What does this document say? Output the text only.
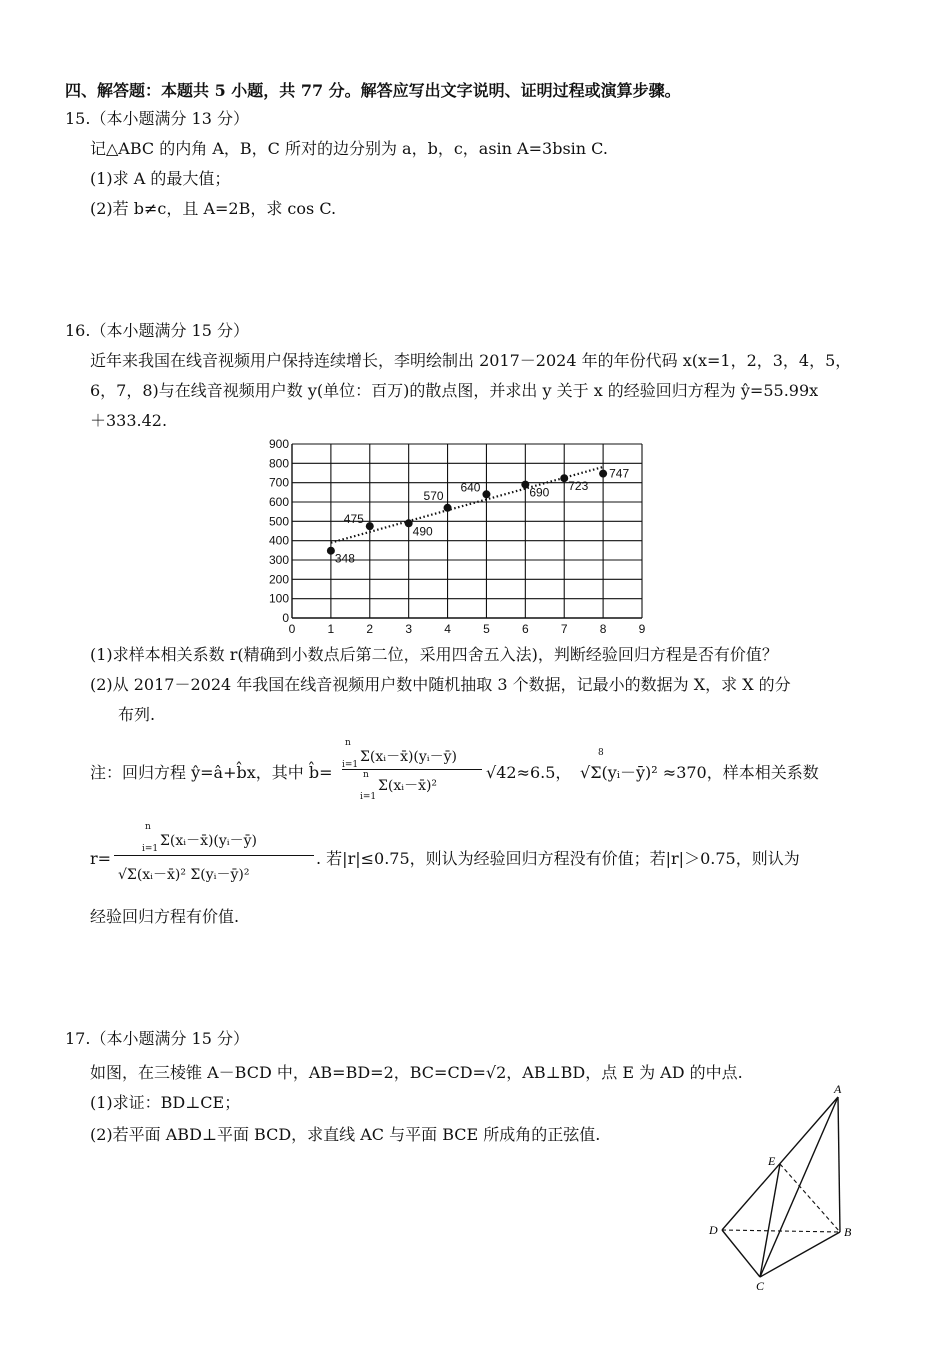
四、解答题：本题共 5 小题，共 77 分。解答应写出文字说明、证明过程或演算步骤。
15.（本小题满分 13 分）
记△ABC 的内角 A，B，C 所对的边分别为 a，b，c，asin A=3bsin C.
(1)求 A 的最大值；
(2)若 b≠c，且 A=2B，求 cos C.
16.（本小题满分 15 分）
近年来我国在线音视频用户保持连续增长，李明绘制出 2017－2024 年的年份代码 x(x=1，2，3，4，5，
6，7，8)与在线音视频用户数 y(单位：百万)的散点图，并求出 y 关于 x 的经验回归方程为 ŷ=55.99x
＋333.42.
0
100
200
300
400
500
600
700
800
900
0	1	2	3	4	5	6	7	8	9
348
475
490
570
640	690 723
747
(1)求样本相关系数 r(精确到小数点后第二位，采用四舍五入法)，判断经验回归方程是否有价值？
(2)从 2017－2024 年我国在线音视频用户数中随机抽取 3 个数据，记最小的数据为 X，求 X 的分
布列.
注：回归方程 ŷ=â+b̂x，其中 b̂=
Σ(xᵢ－x̄)(yᵢ－ȳ)
Σ(xᵢ－x̄)²
n
i=1
n
i=1
√42≈6.5，
8
√Σ(yᵢ－ȳ)² ≈370，样本相关系数
r=
Σ(xᵢ－x̄)(yᵢ－ȳ)
√Σ(xᵢ－x̄)² Σ(yᵢ－ȳ)²
n
i=1	. 若|r|≤0.75，则认为经验回归方程没有价值；若|r|＞0.75，则认为
经验回归方程有价值.
17.（本小题满分 15 分）
如图，在三棱锥 A－BCD 中，AB=BD=2，BC=CD=√2，AB⊥BD，点 E 为 AD 的中点.
(1)求证：BD⊥CE；
(2)若平面 ABD⊥平面 BCD，求直线 AC 与平面 BCE 所成角的正弦值.
A
B
C
D
E
